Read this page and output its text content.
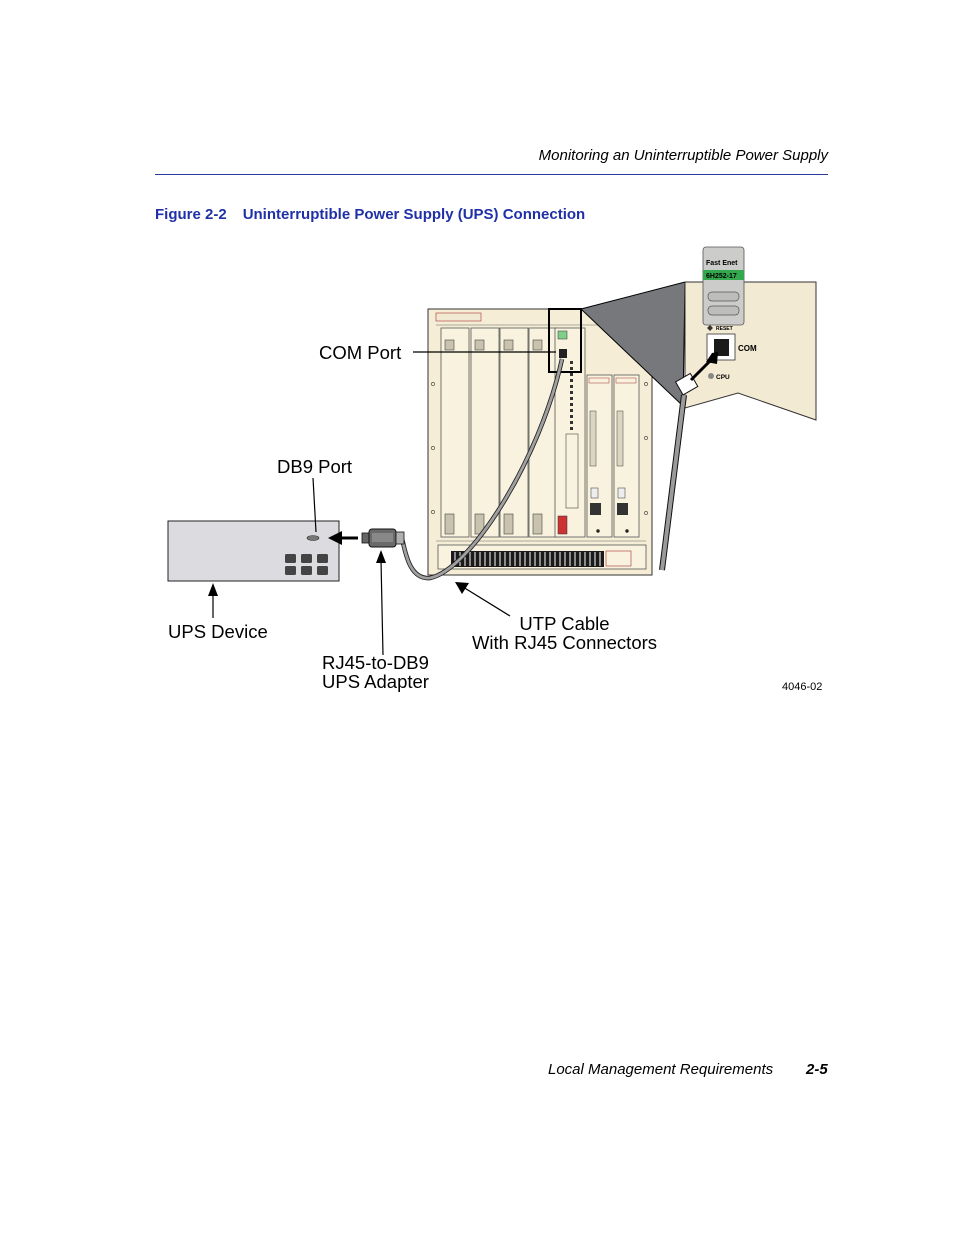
Monitoring an Uninterruptible Power Supply
Figure 2-2 Uninterruptible Power Supply (UPS) Connection
Fast Enet
6H252-17
RESET
COM
CPU
COM Port
DB9 Port
UPS Device	UTP Cable
With RJ45 Connectors
RJ45-to-DB9
UPS Adapter	4046-02
Local Management Requirements 2-5
